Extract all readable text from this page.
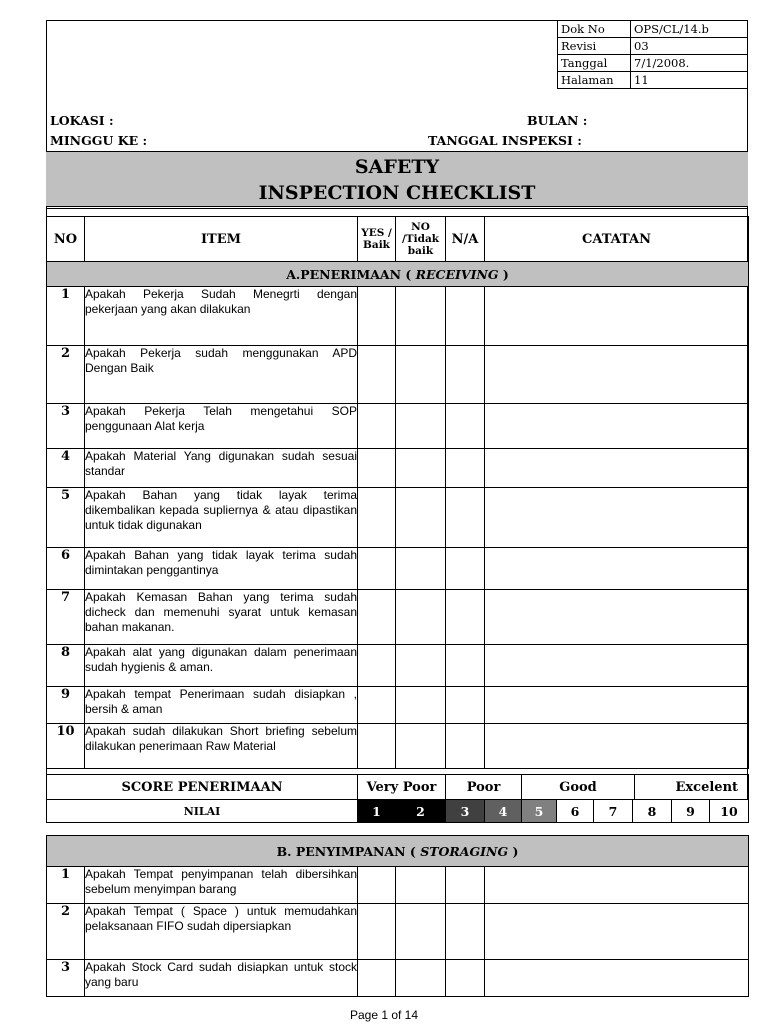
Dok No	OPS/CL/14.b
Revisi	03
Tanggal	7/1/2008.
Halaman	11
LOKASI :	BULAN :
MINGGU KE :	TANGGAL INSPEKSI :
SAFETY
INSPECTION CHECKLIST
NO	ITEM	YES / Baik	NO /Tidak baik	N/A	CATATAN
A.PENERIMAAN ( RECEIVING )					
1	Apakah Pekerja Sudah Menegrti dengan pekerjaan yang akan dilakukan				
2	Apakah Pekerja sudah menggunakan APD Dengan Baik				
3	Apakah Pekerja Telah mengetahui SOP penggunaan Alat kerja				
4	Apakah Material Yang digunakan sudah sesuai standar				
5	Apakah Bahan yang tidak layak terima dikembalikan kepada supliernya & atau dipastikan untuk tidak digunakan				
6	Apakah Bahan yang tidak layak terima sudah dimintakan penggantinya				
7	Apakah Kemasan Bahan yang terima sudah dicheck dan memenuhi syarat untuk kemasan bahan makanan.				
8	Apakah alat yang digunakan dalam penerimaan sudah hygienis & aman.				
9	Apakah tempat Penerimaan sudah disiapkan , bersih & aman				
10	Apakah sudah dilakukan Short briefing sebelum dilakukan penerimaan Raw Material				
SCORE PENERIMAAN	Very Poor	Poor	Good	Excelent
NILAI	1	2	3	4	5	6	7	8	9	10
B. PENYIMPANAN ( STORAGING )					
1	Apakah Tempat penyimpanan telah dibersihkan sebelum menyimpan barang				
2	Apakah Tempat ( Space ) untuk memudahkan pelaksanaan FIFO sudah dipersiapkan				
3	Apakah Stock Card sudah disiapkan untuk stock yang baru				
Page 1 of 14
